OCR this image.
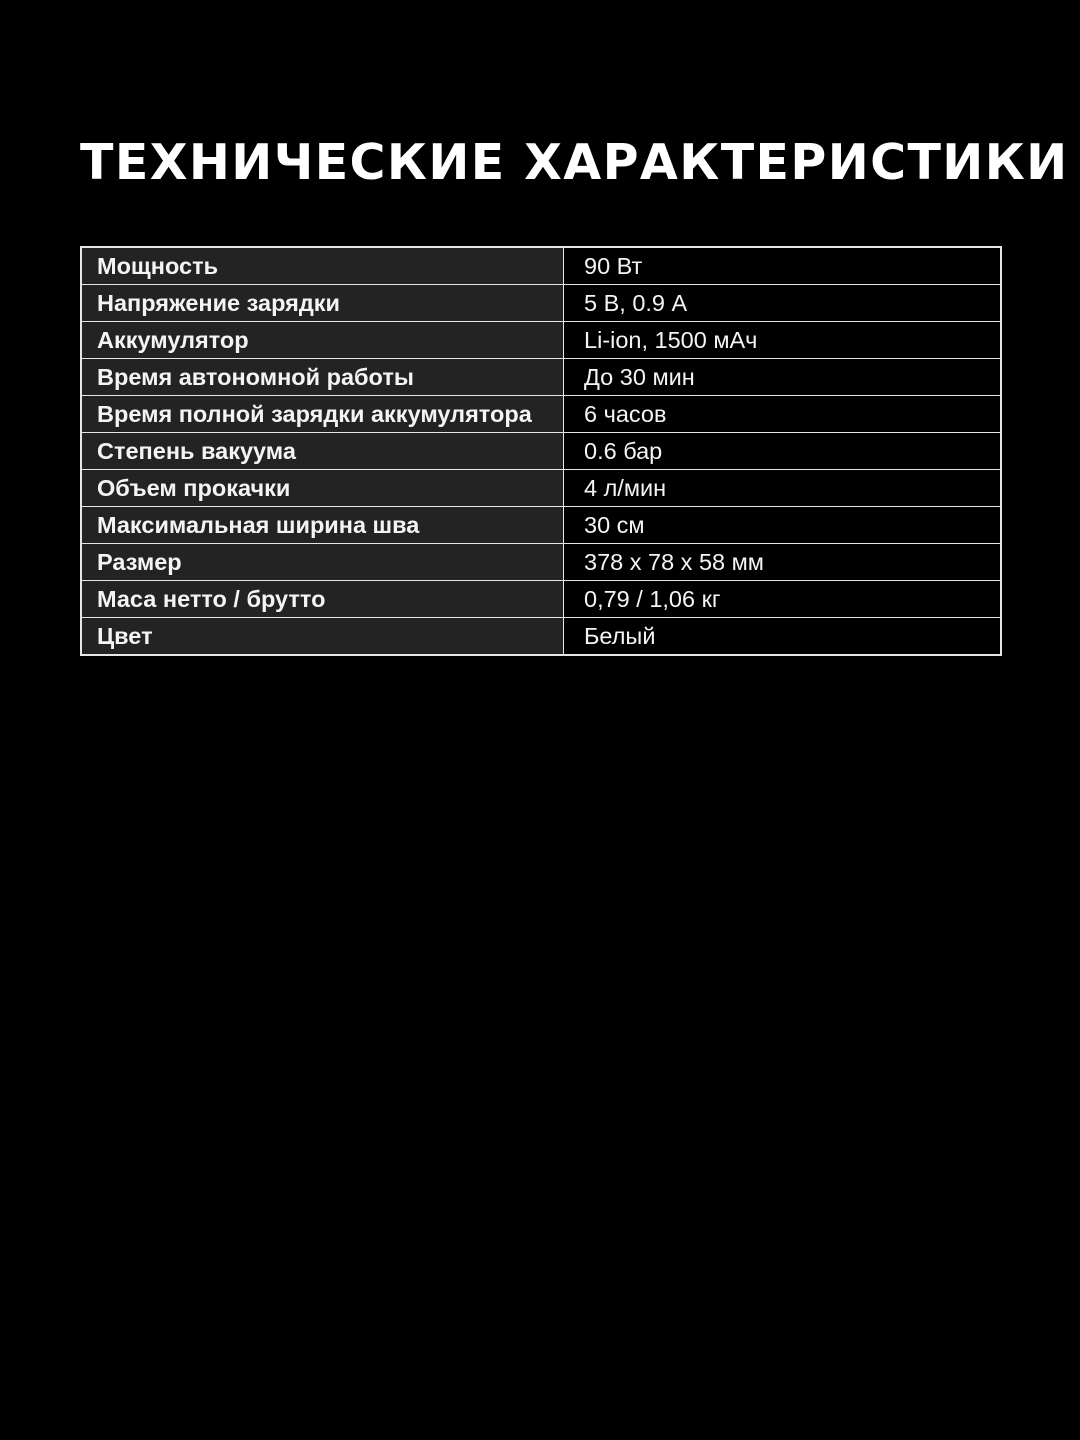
ТЕХНИЧЕСКИЕ ХАРАКТЕРИСТИКИ
Мощность	90 Вт
Напряжение зарядки	5 В, 0.9 А
Аккумулятор	Li-ion, 1500 мАч
Время автономной работы	До 30 мин
Время полной зарядки аккумулятора	6 часов
Степень вакуума	0.6 бар
Объем прокачки	4 л/мин
Максимальная ширина шва	30 см
Размер	378 х 78 х 58 мм
Маса нетто / брутто	0,79 / 1,06 кг
Цвет	Белый
